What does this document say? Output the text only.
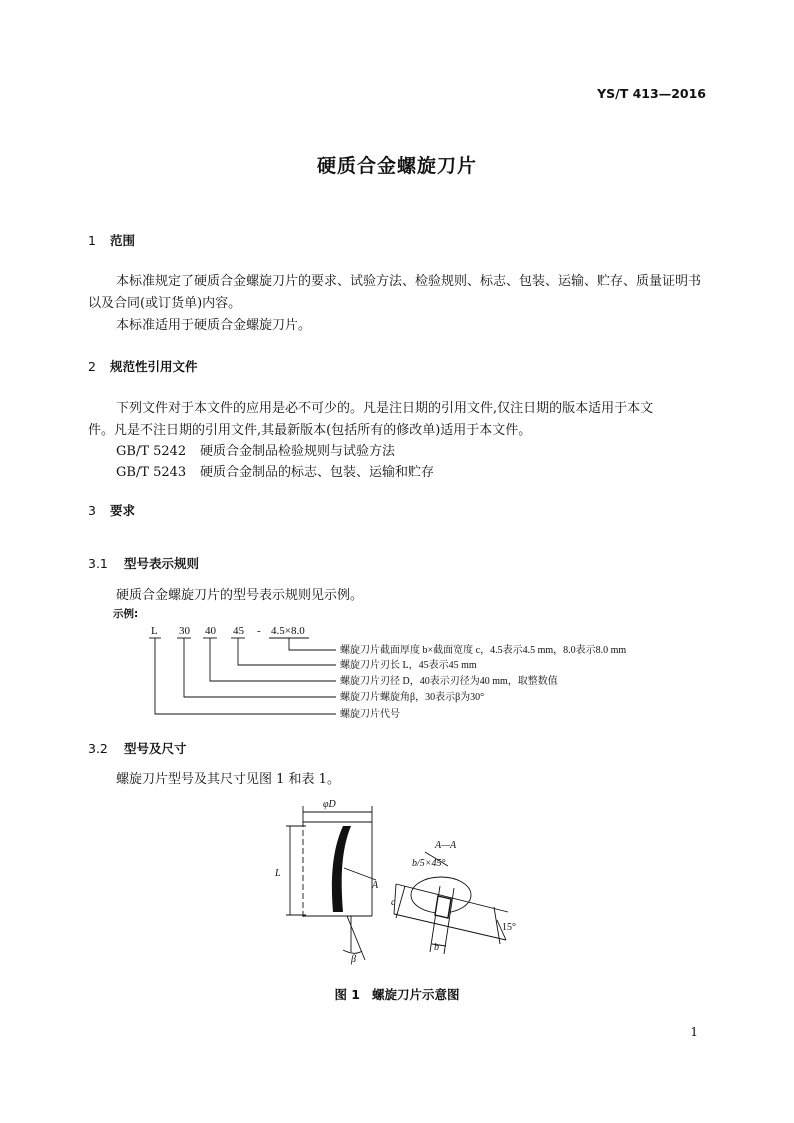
YS/T 413—2016
硬质合金螺旋刀片
1 范围
本标准规定了硬质合金螺旋刀片的要求、试验方法、检验规则、标志、包装、运输、贮存、质量证明书
以及合同(或订货单)内容。
本标准适用于硬质合金螺旋刀片。
2 规范性引用文件
下列文件对于本文件的应用是必不可少的。凡是注日期的引用文件,仅注日期的版本适用于本文
件。凡是不注日期的引用文件,其最新版本(包括所有的修改单)适用于本文件。
GB/T 5242 硬质合金制品检验规则与试验方法
GB/T 5243 硬质合金制品的标志、包装、运输和贮存
3 要求
3.1 型号表示规则
硬质合金螺旋刀片的型号表示规则见示例。
示例:
L 30 40 45 - 4.5×8.0
螺旋刀片截面厚度 b×截面宽度 c，4.5表示4.5 mm，8.0表示8.0 mm
螺旋刀片刃长 L，45表示45 mm
螺旋刀片刃径 D，40表示刃径为40 mm，取整数值
螺旋刀片螺旋角β，30表示β为30°
螺旋刀片代号
3.2 型号及尺寸
螺旋刀片型号及其尺寸见图 1 和表 1。
φD
L	A
A
β
A—A
b/5×45°
c
b
15°
图 1 螺旋刀片示意图
1
